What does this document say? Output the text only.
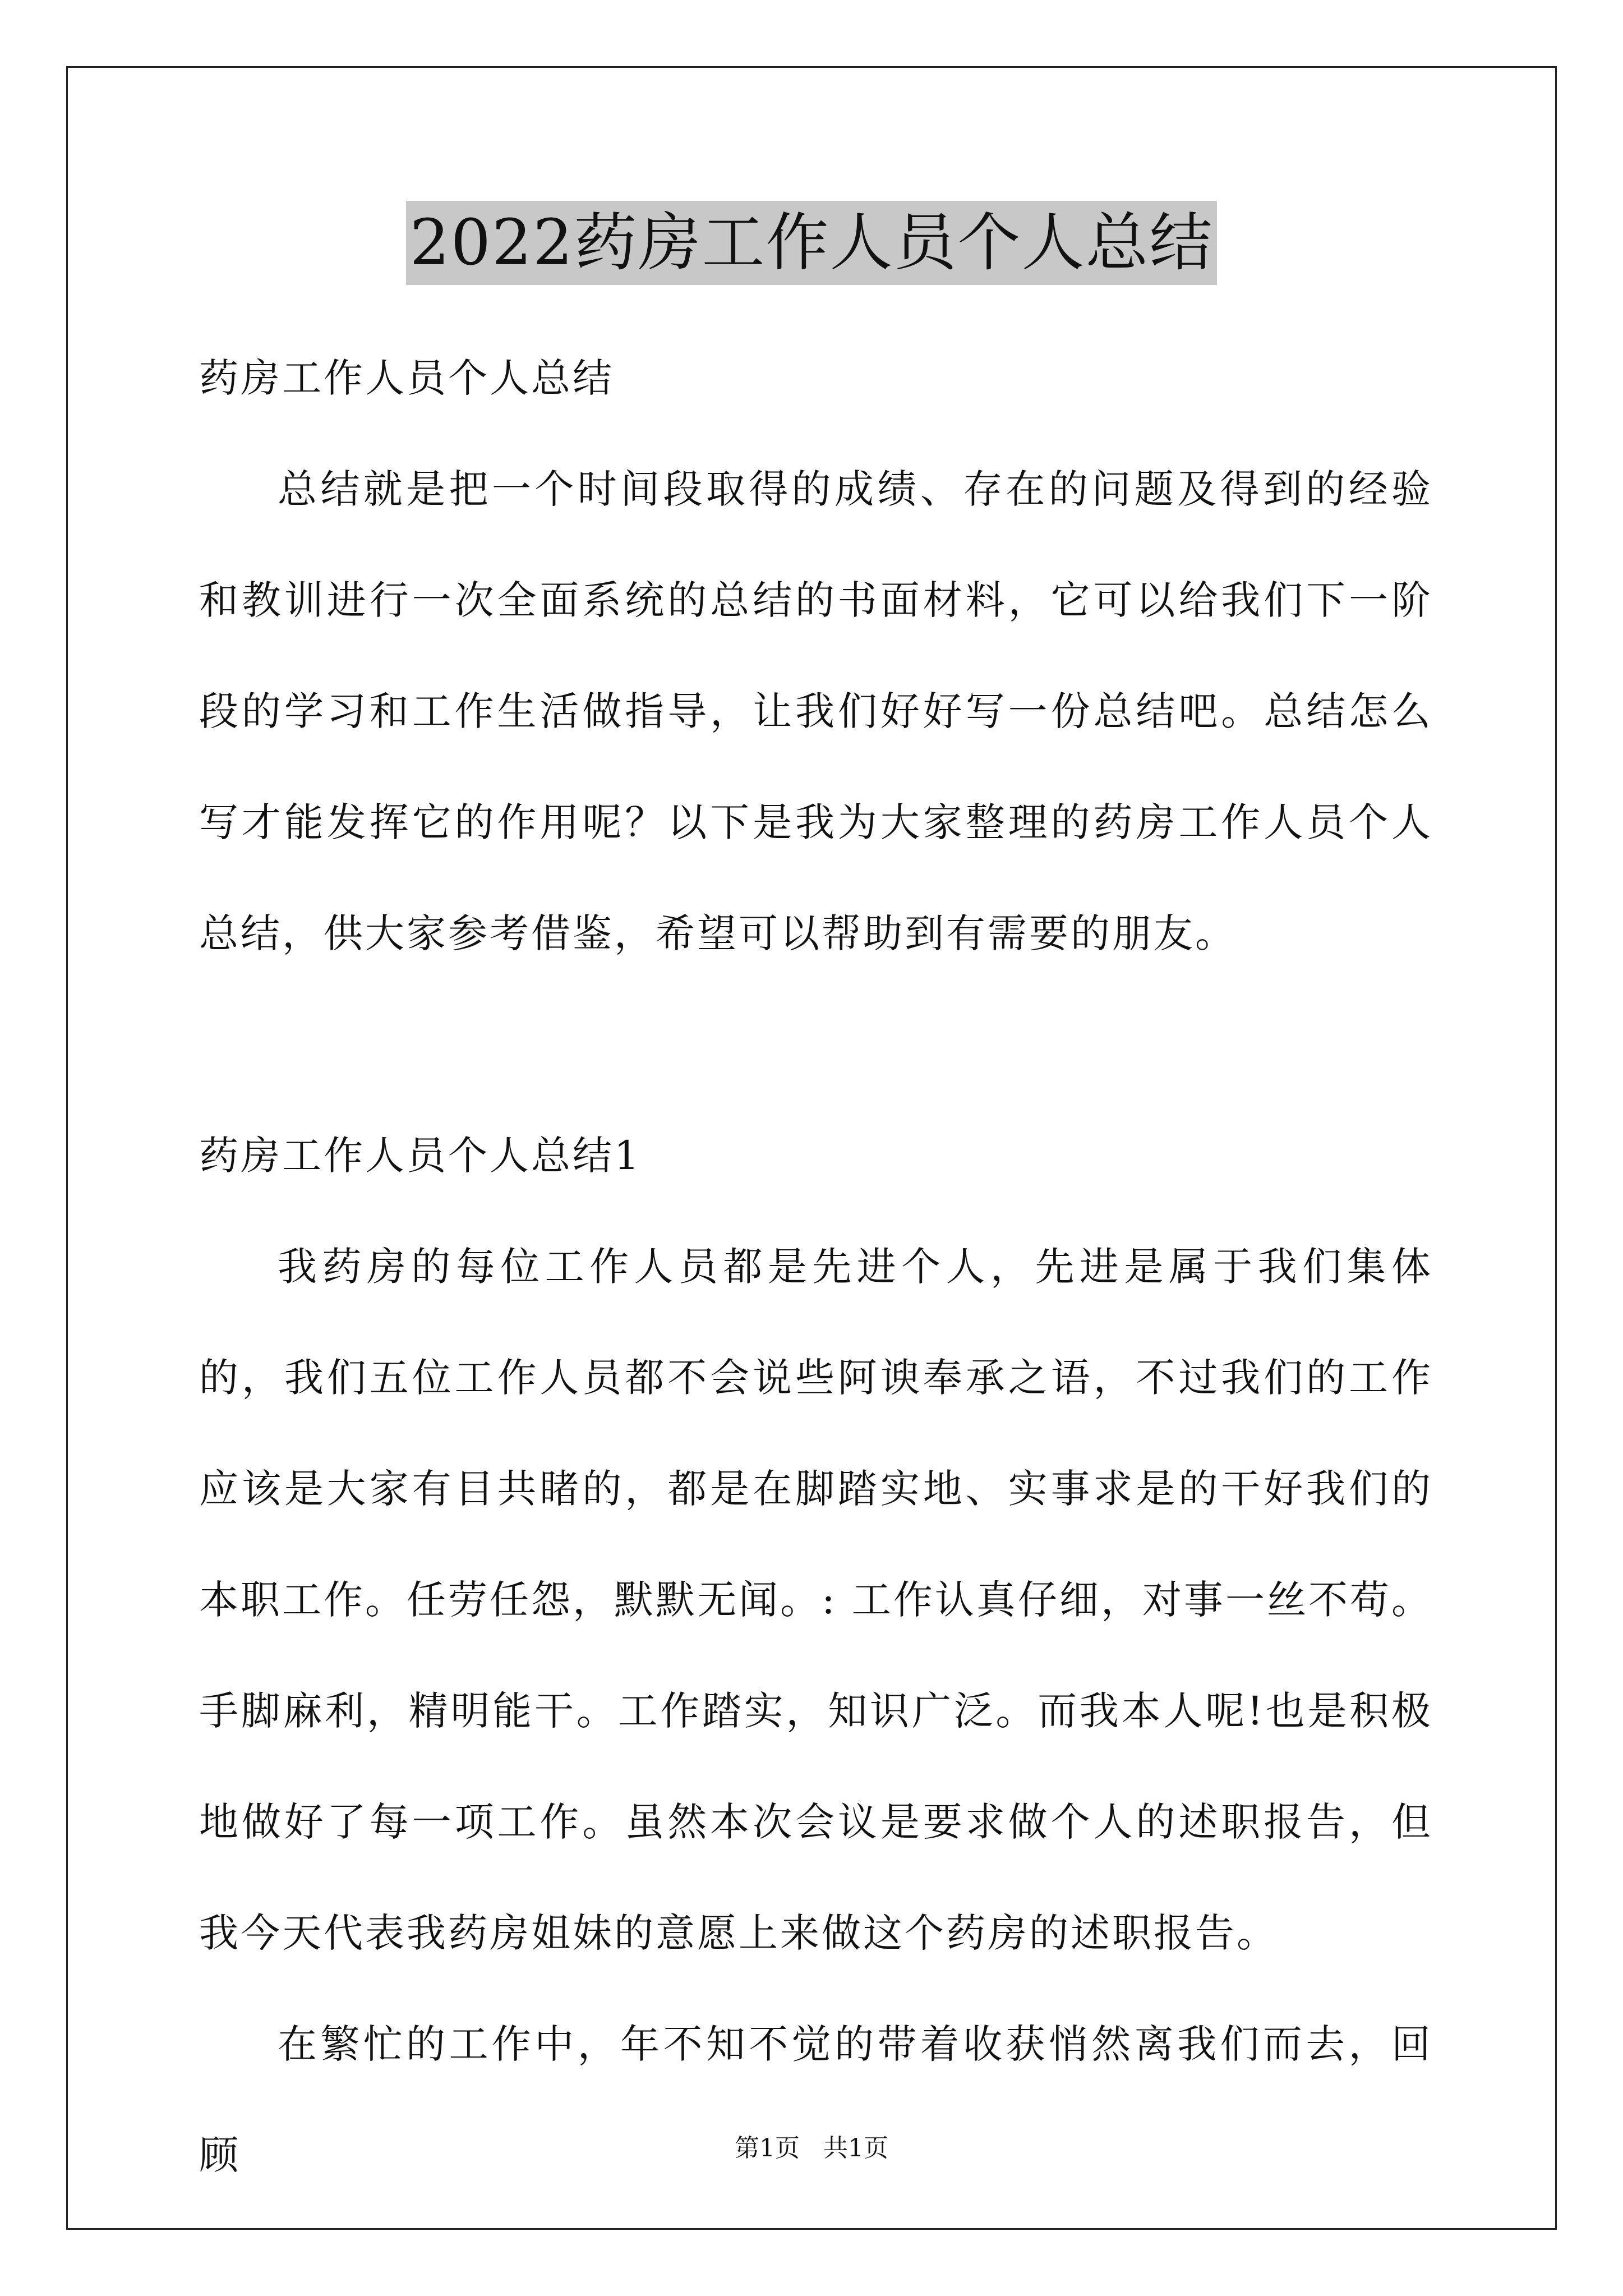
2022药房工作人员个人总结

药房工作人员个人总结

总结就是把一个时间段取得的成绩、存在的问题及得到的经验和教训进行一次全面系统的总结的书面材料，它可以给我们下一阶段的学习和工作生活做指导，让我们好好写一份总结吧。总结怎么写才能发挥它的作用呢？以下是我为大家整理的药房工作人员个人总结，供大家参考借鉴，希望可以帮助到有需要的朋友。

药房工作人员个人总结1

我药房的每位工作人员都是先进个人，先进是属于我们集体的，我们五位工作人员都不会说些阿谀奉承之语，不过我们的工作应该是大家有目共睹的，都是在脚踏实地、实事求是的干好我们的本职工作。任劳任怨，默默无闻。: 工作认真仔细，对事一丝不苟。手脚麻利，精明能干。工作踏实，知识广泛。而我本人呢!也是积极地做好了每一项工作。虽然本次会议是要求做个人的述职报告，但我今天代表我药房姐妹的意愿上来做这个药房的述职报告。

在繁忙的工作中，年不知不觉的带着收获悄然离我们而去，回顾	第1页 共1页
